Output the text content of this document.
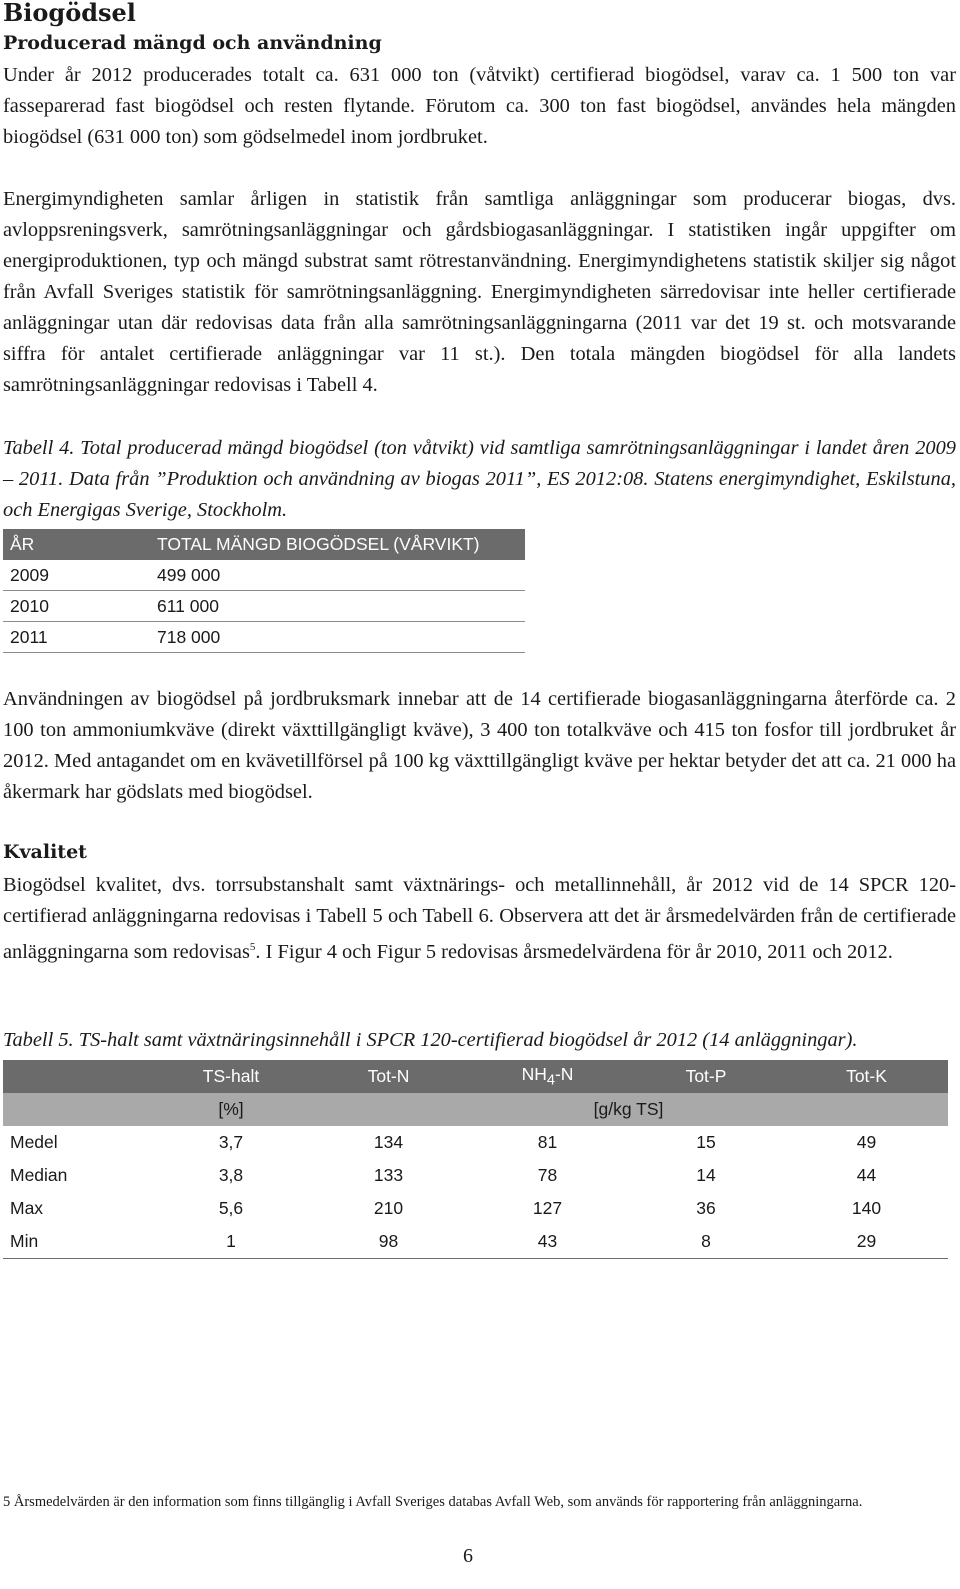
Biogödsel
Producerad mängd och användning

Under år 2012 producerades totalt ca. 631 000 ton (våtvikt) certifierad biogödsel, varav ca. 1 500 ton var fasseparerad fast biogödsel och resten flytande. Förutom ca. 300 ton fast biogödsel, användes hela mängden biogödsel (631 000 ton) som gödselmedel inom jordbruket.

Energimyndigheten samlar årligen in statistik från samtliga anläggningar som producerar biogas, dvs. avloppsreningsverk, samrötningsanläggningar och gårdsbiogasanläggningar. I statistiken ingår uppgifter om energiproduktionen, typ och mängd substrat samt rötrestanvändning. Energimyndighetens statistik skiljer sig något från Avfall Sveriges statistik för samrötningsanläggning. Energimyndigheten särredovisar inte heller certifierade anläggningar utan där redovisas data från alla samrötningsanläggningarna (2011 var det 19 st. och motsvarande siffra för antalet certifierade anläggningar var 11 st.). Den totala mängden biogödsel för alla landets samrötningsanläggningar redovisas i Tabell 4.

Tabell 4. Total producerad mängd biogödsel (ton våtvikt) vid samtliga samrötningsanläggningar i landet åren 2009 – 2011. Data från ”Produktion och användning av biogas 2011”, ES 2012:08. Statens energimyndighet, Eskilstuna, och Energigas Sverige, Stockholm.

ÅR	TOTAL MÄNGD BIOGÖDSEL (VÅRVIKT)
2009	499 000
2010	611 000
2011	718 000

Användningen av biogödsel på jordbruksmark innebar att de 14 certifierade biogasanläggningarna återförde ca. 2 100 ton ammoniumkväve (direkt växttillgängligt kväve), 3 400 ton totalkväve och 415 ton fosfor till jordbruket år 2012. Med antagandet om en kvävetillförsel på 100 kg växttillgängligt kväve per hektar betyder det att ca. 21 000 ha åkermark har gödslats med biogödsel.

Kvalitet

Biogödsel kvalitet, dvs. torrsubstanshalt samt växtnärings- och metallinnehåll, år 2012 vid de 14 SPCR 120-certifierad anläggningarna redovisas i Tabell 5 och Tabell 6. Observera att det är årsmedelvärden från de certifierade anläggningarna som redovisas$^5$. I Figur 4 och Figur 5 redovisas årsmedelvärdena för år 2010, 2011 och 2012.

Tabell 5. TS-halt samt växtnäringsinnehåll i SPCR 120-certifierad biogödsel år 2012 (14 anläggningar).

	TS-halt	Tot-N	$NH_4-N$	Tot-P	Tot-K
	[%]	[g/kg TS]			
Medel	3,7	134	81	15	49
Median	3,8	133	78	14	44
Max	5,6	210	127	36	140
Min	1	98	43	8	29
5 Årsmedelvärden är den information som finns tillgänglig i Avfall Sveriges databas Avfall Web, som används för rapportering från anläggningarna.
6
